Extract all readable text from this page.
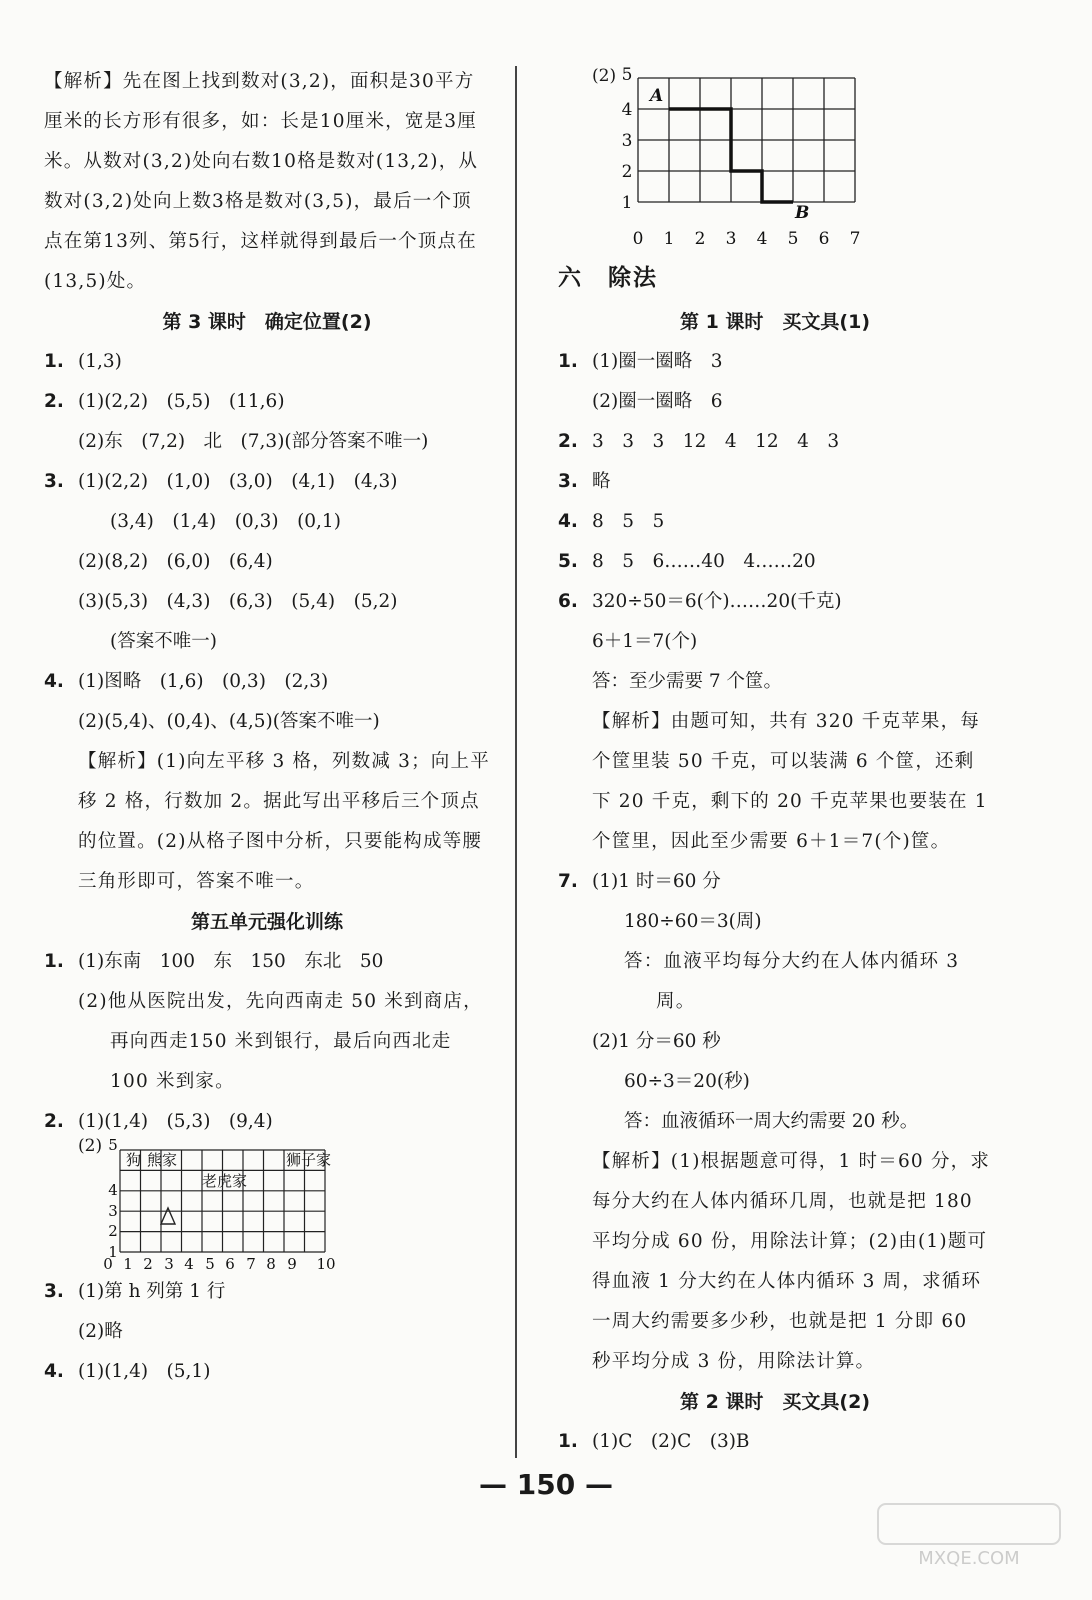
【解析】先在图上找到数对(3,2)，面积是30平方厘米的长方形有很多，如：长是10厘米，宽是3厘米。从数对(3,2)处向右数10格是数对(13,2)，从数对(3,2)处向上数3格是数对(3,5)，最后一个顶点在第13列、第5行，这样就得到最后一个顶点在(13,5)处。
第 3 课时　确定位置(2)
1. (1,3)
2. (1)(2,2)　(5,5)　(11,6)
(2)东　(7,2)　北　(7,3)(部分答案不唯一)
3. (1)(2,2)　(1,0)　(3,0)　(4,1)　(4,3)
(3,4)　(1,4)　(0,3)　(0,1)
(2)(8,2)　(6,0)　(6,4)
(3)(5,3)　(4,3)　(6,3)　(5,4)　(5,2)
(答案不唯一)
4. (1)图略　(1,6)　(0,3)　(2,3)
(2)(5,4)、(0,4)、(4,5)(答案不唯一)
【解析】(1)向左平移 3 格，列数减 3；向上平移 2 格，行数加 2。据此写出平移后三个顶点的位置。(2)从格子图中分析，只要能构成等腰三角形即可，答案不唯一。
第五单元强化训练
1. (1)东南　100　东　150　东北　50
(2)他从医院出发，先向西南走 50 米到商店，再向西走150 米到银行，最后向西北走 100 米到家。
2. (1)(1,4)　(5,3)　(9,4)
(2)
狗 熊家
老虎家
狮子家
0 1 2 3 4 5 6 7 8 9 10
1
2
3
4
5
3. (1)第 h 列第 1 行
(2)略
4. (1)(1,4)　(5,1)
(2)
A
B
0 1 2 3 4 5 6 7
1
2
3
4
5
六　除法
第 1 课时　买文具(1)
1. (1)圈一圈略　3
(2)圈一圈略　6
2. 3　3　3　12　4　12　4　3
3. 略
4. 8　5　5
5. 8　5　6……40　4……20
6. 320÷50＝6(个)……20(千克)
6＋1＝7(个)
答：至少需要 7 个筐。
【解析】由题可知，共有 320 千克苹果，每个筐里装 50 千克，可以装满 6 个筐，还剩下 20 千克，剩下的 20 千克苹果也要装在 1 个筐里，因此至少需要 6＋1＝7(个)筐。
7. (1)1 时＝60 分
180÷60＝3(周)
答：血液平均每分大约在人体内循环 3 周。
(2)1 分＝60 秒
60÷3＝20(秒)
答：血液循环一周大约需要 20 秒。
【解析】(1)根据题意可得，1 时＝60 分，求每分大约在人体内循环几周，也就是把 180 平均分成 60 份，用除法计算；(2)由(1)题可得血液 1 分大约在人体内循环 3 周，求循环一周大约需要多少秒，也就是把 1 分即 60 秒平均分成 3 份，用除法计算。
第 2 课时　买文具(2)
1. (1)C　(2)C　(3)B
— 150 —
MXQE.COM
